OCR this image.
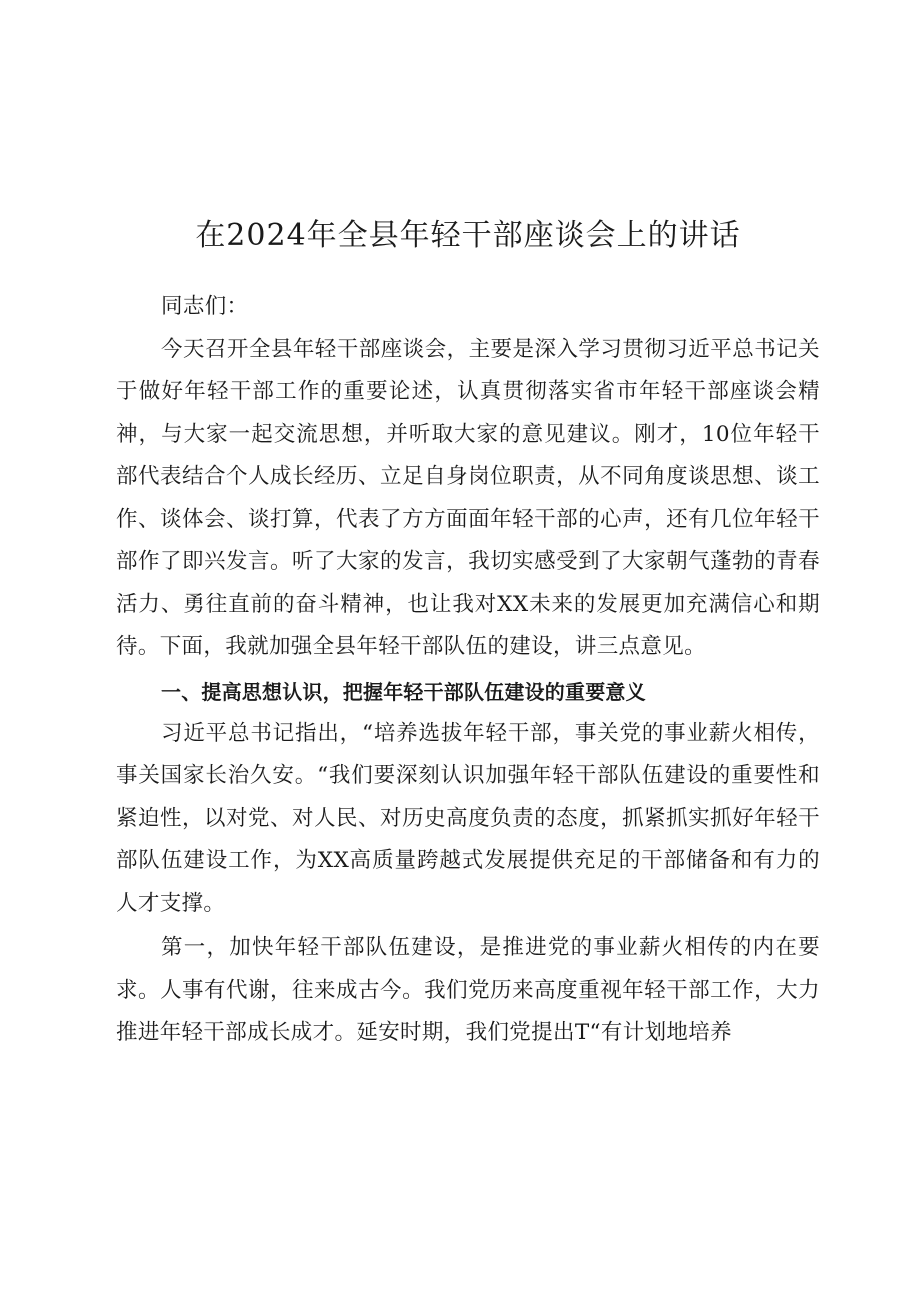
在2024年全县年轻干部座谈会上的讲话

同志们：

今天召开全县年轻干部座谈会，主要是深入学习贯彻习近平总书记关于做好年轻干部工作的重要论述，认真贯彻落实省市年轻干部座谈会精神，与大家一起交流思想，并听取大家的意见建议。刚才，10位年轻干部代表结合个人成长经历、立足自身岗位职责，从不同角度谈思想、谈工作、谈体会、谈打算，代表了方方面面年轻干部的心声，还有几位年轻干部作了即兴发言。听了大家的发言，我切实感受到了大家朝气蓬勃的青春活力、勇往直前的奋斗精神，也让我对XX未来的发展更加充满信心和期待。下面，我就加强全县年轻干部队伍的建设，讲三点意见。

一、提高思想认识，把握年轻干部队伍建设的重要意义

习近平总书记指出，“培养选拔年轻干部，事关党的事业薪火相传，事关国家长治久安。“我们要深刻认识加强年轻干部队伍建设的重要性和紧迫性，以对党、对人民、对历史高度负责的态度，抓紧抓实抓好年轻干部队伍建设工作，为XX高质量跨越式发展提供充足的干部储备和有力的人才支撑。

第一，加快年轻干部队伍建设，是推进党的事业薪火相传的内在要求。人事有代谢，往来成古今。我们党历来高度重视年轻干部工作，大力推进年轻干部成长成才。延安时期，我们党提出T“有计划地培养
